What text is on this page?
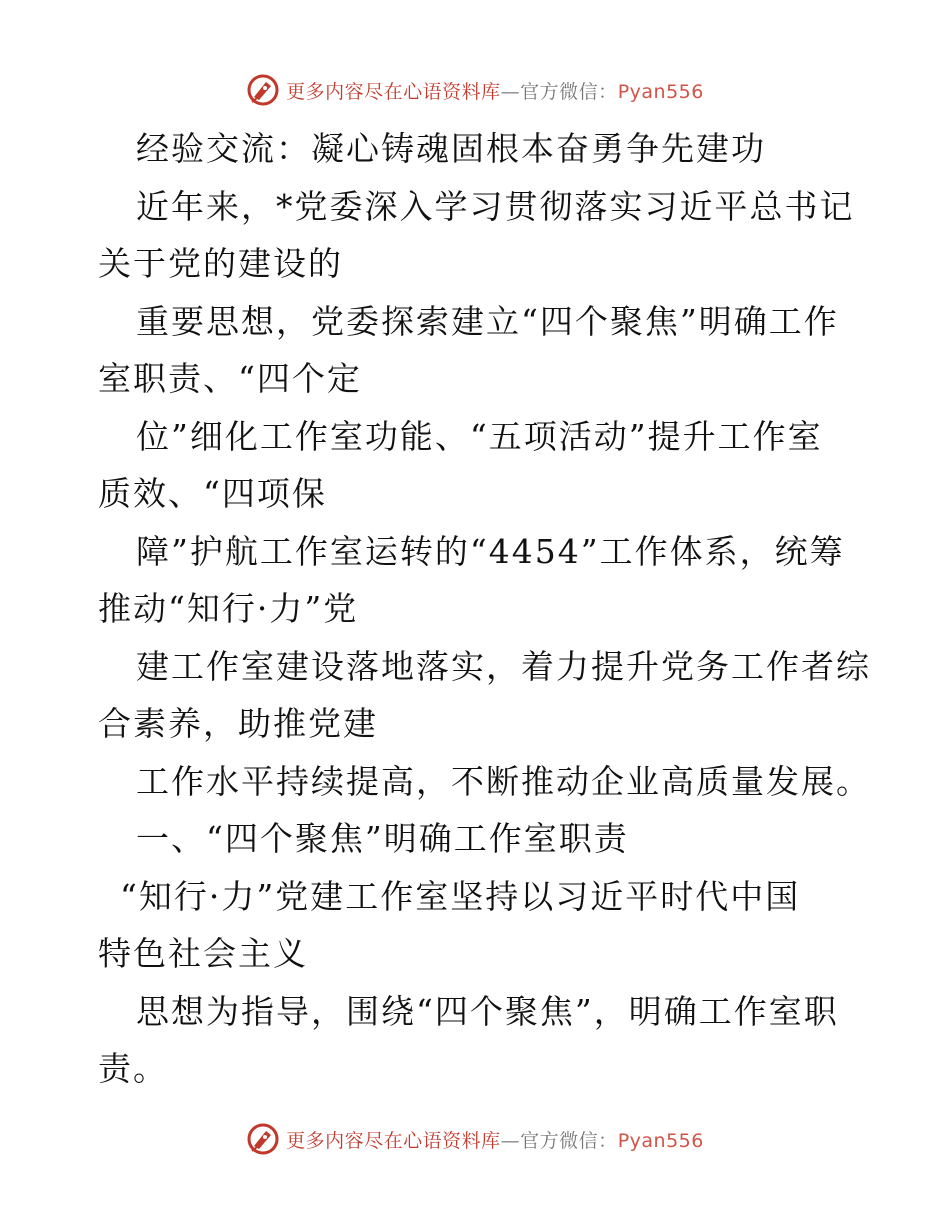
更多内容尽在心语资料库—官方微信：Pyan556
经验交流：凝心铸魂固根本奋勇争先建功
近年来，*党委深入学习贯彻落实习近平总书记
关于党的建设的
重要思想，党委探索建立“四个聚焦”明确工作
室职责、“四个定
位”细化工作室功能、“五项活动”提升工作室
质效、“四项保
障”护航工作室运转的“4454”工作体系，统筹
推动“知行·力”党
建工作室建设落地落实，着力提升党务工作者综
合素养，助推党建
工作水平持续提高，不断推动企业高质量发展。
一、“四个聚焦”明确工作室职责
“知行·力”党建工作室坚持以习近平时代中国
特色社会主义
思想为指导，围绕“四个聚焦”，明确工作室职
责。
更多内容尽在心语资料库—官方微信：Pyan556
